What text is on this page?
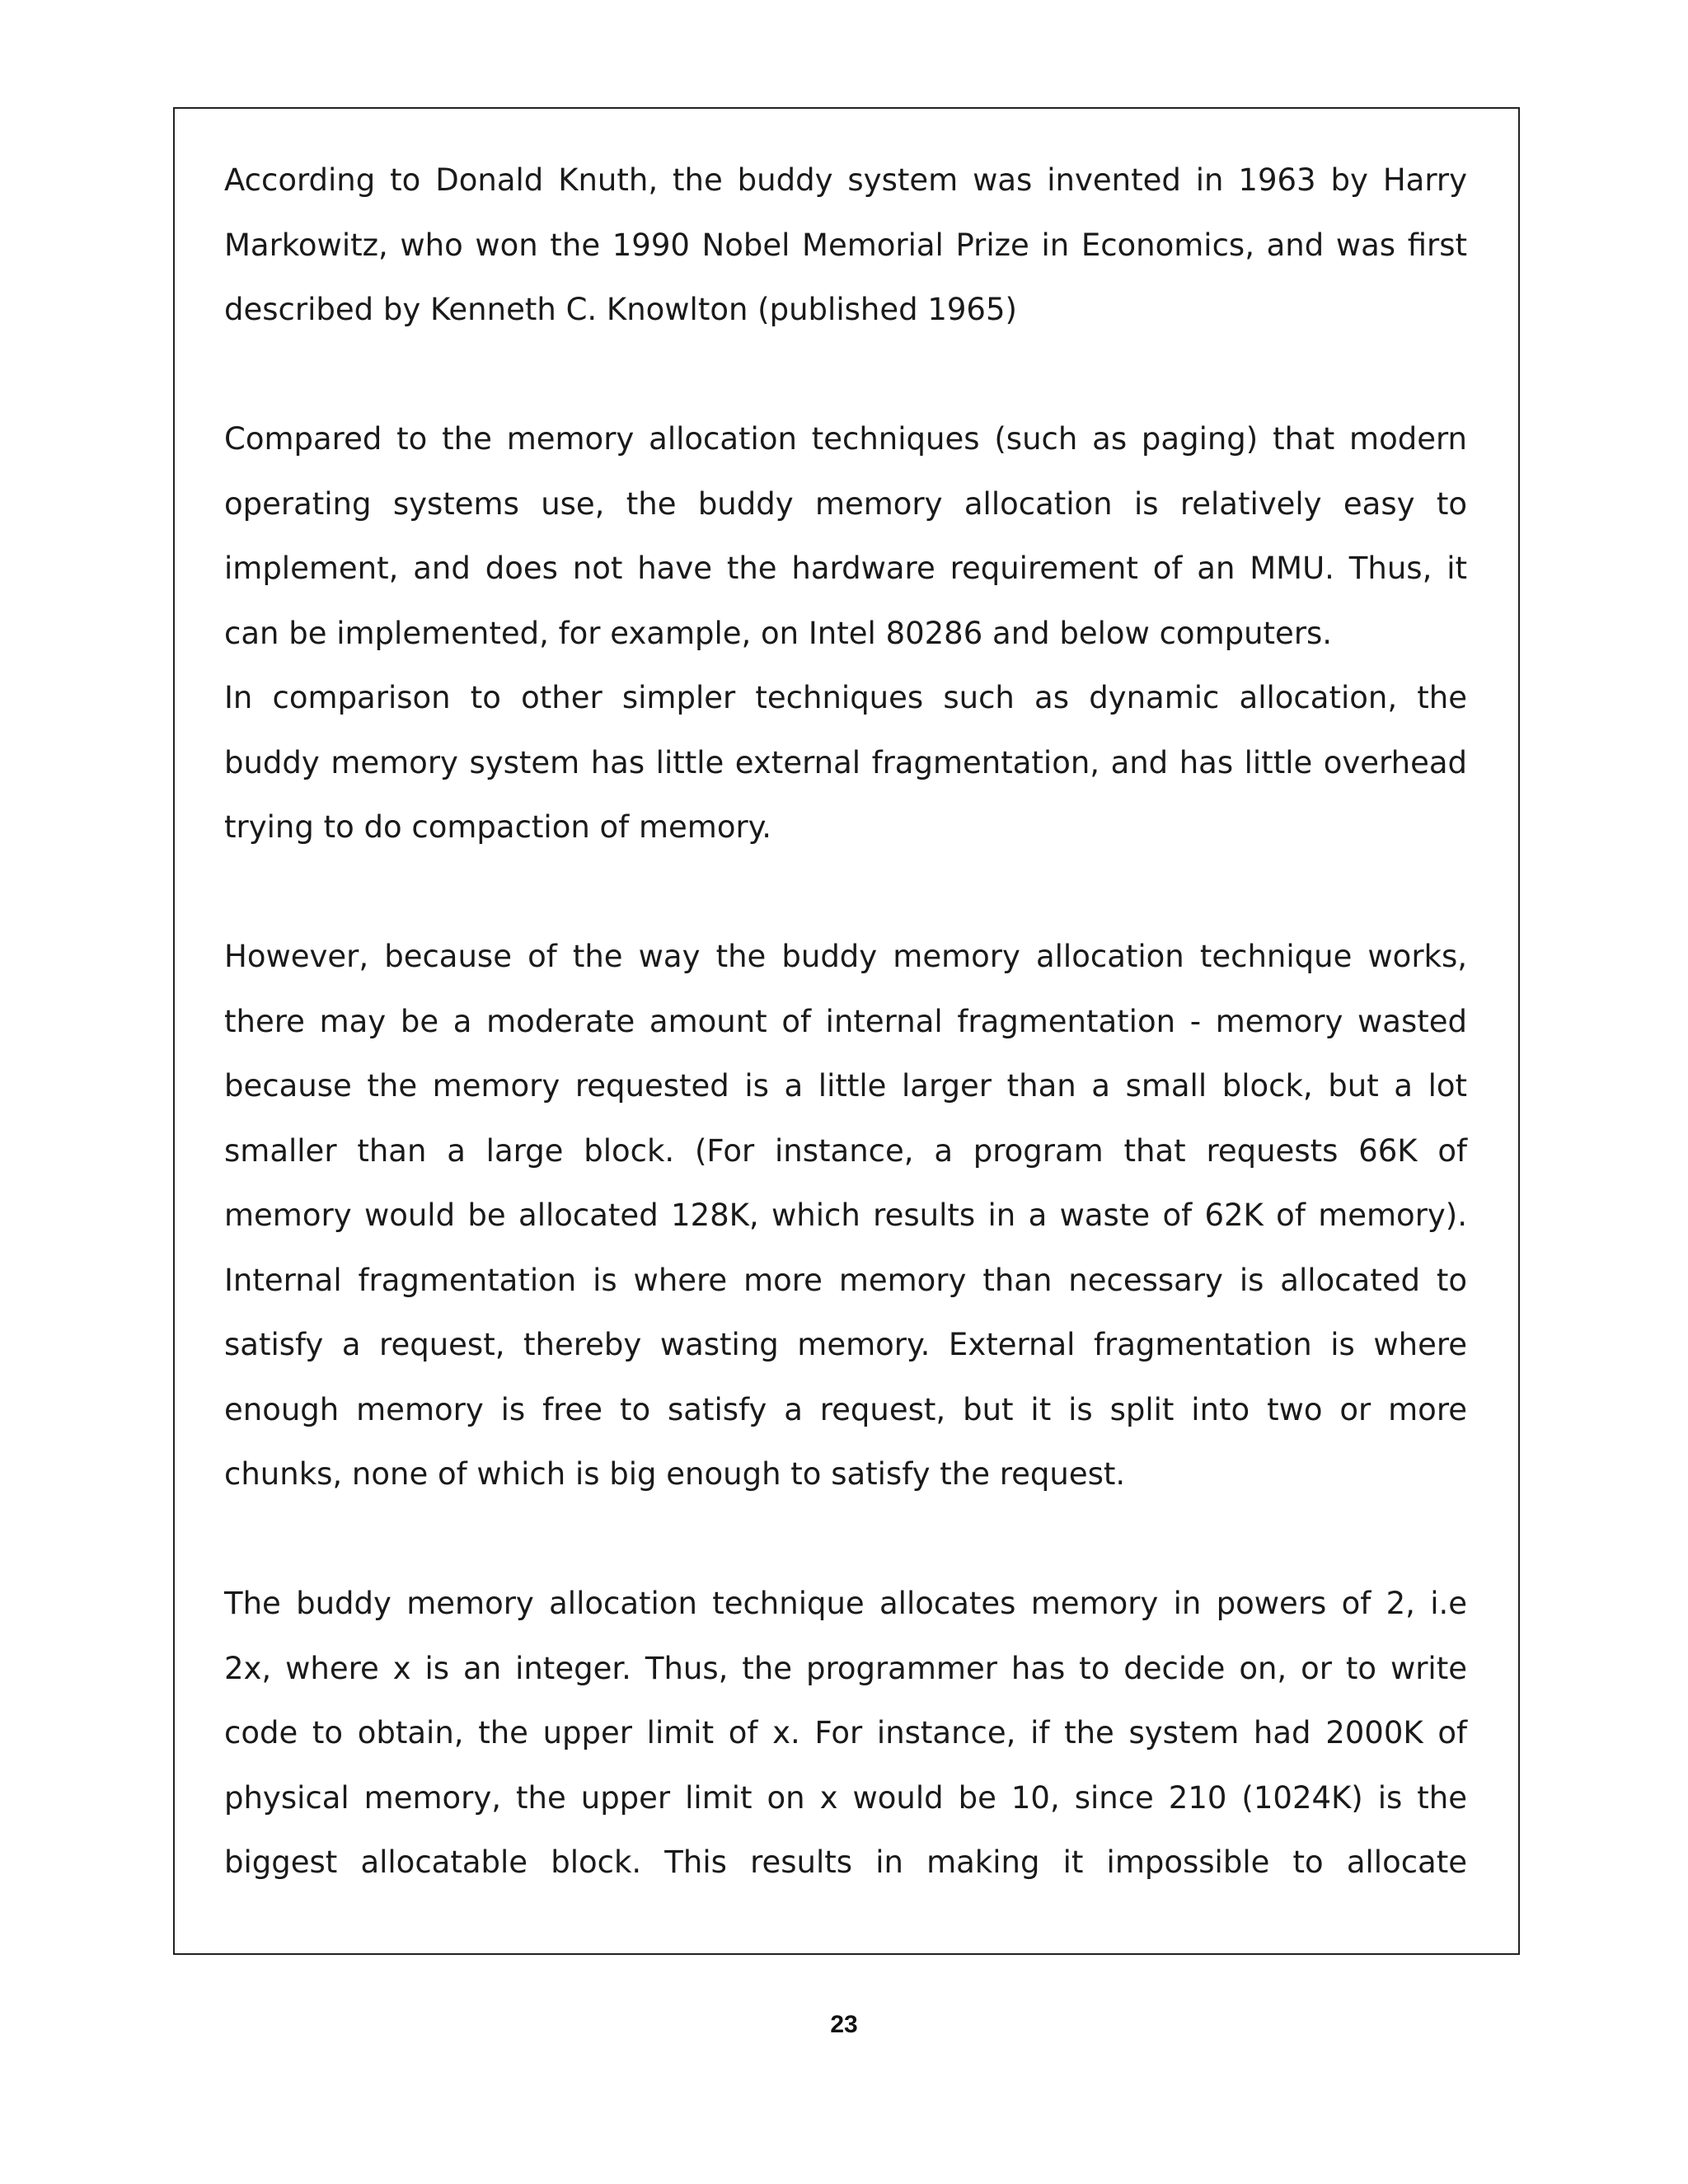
According to Donald Knuth, the buddy system was invented in 1963 by Harry
Markowitz, who won the 1990 Nobel Memorial Prize in Economics, and was first
described by Kenneth C. Knowlton (published 1965)
Compared to the memory allocation techniques (such as paging) that modern
operating systems use, the buddy memory allocation is relatively easy to
implement, and does not have the hardware requirement of an MMU. Thus, it
can be implemented, for example, on Intel 80286 and below computers.
In comparison to other simpler techniques such as dynamic allocation, the
buddy memory system has little external fragmentation, and has little overhead
trying to do compaction of memory.
However, because of the way the buddy memory allocation technique works,
there may be a moderate amount of internal fragmentation - memory wasted
because the memory requested is a little larger than a small block, but a lot
smaller than a large block. (For instance, a program that requests 66K of
memory would be allocated 128K, which results in a waste of 62K of memory).
Internal fragmentation is where more memory than necessary is allocated to
satisfy a request, thereby wasting memory. External fragmentation is where
enough memory is free to satisfy a request, but it is split into two or more
chunks, none of which is big enough to satisfy the request.
The buddy memory allocation technique allocates memory in powers of 2, i.e
2x, where x is an integer. Thus, the programmer has to decide on, or to write
code to obtain, the upper limit of x. For instance, if the system had 2000K of
physical memory, the upper limit on x would be 10, since 210 (1024K) is the
biggest allocatable block. This results in making it impossible to allocate
23
